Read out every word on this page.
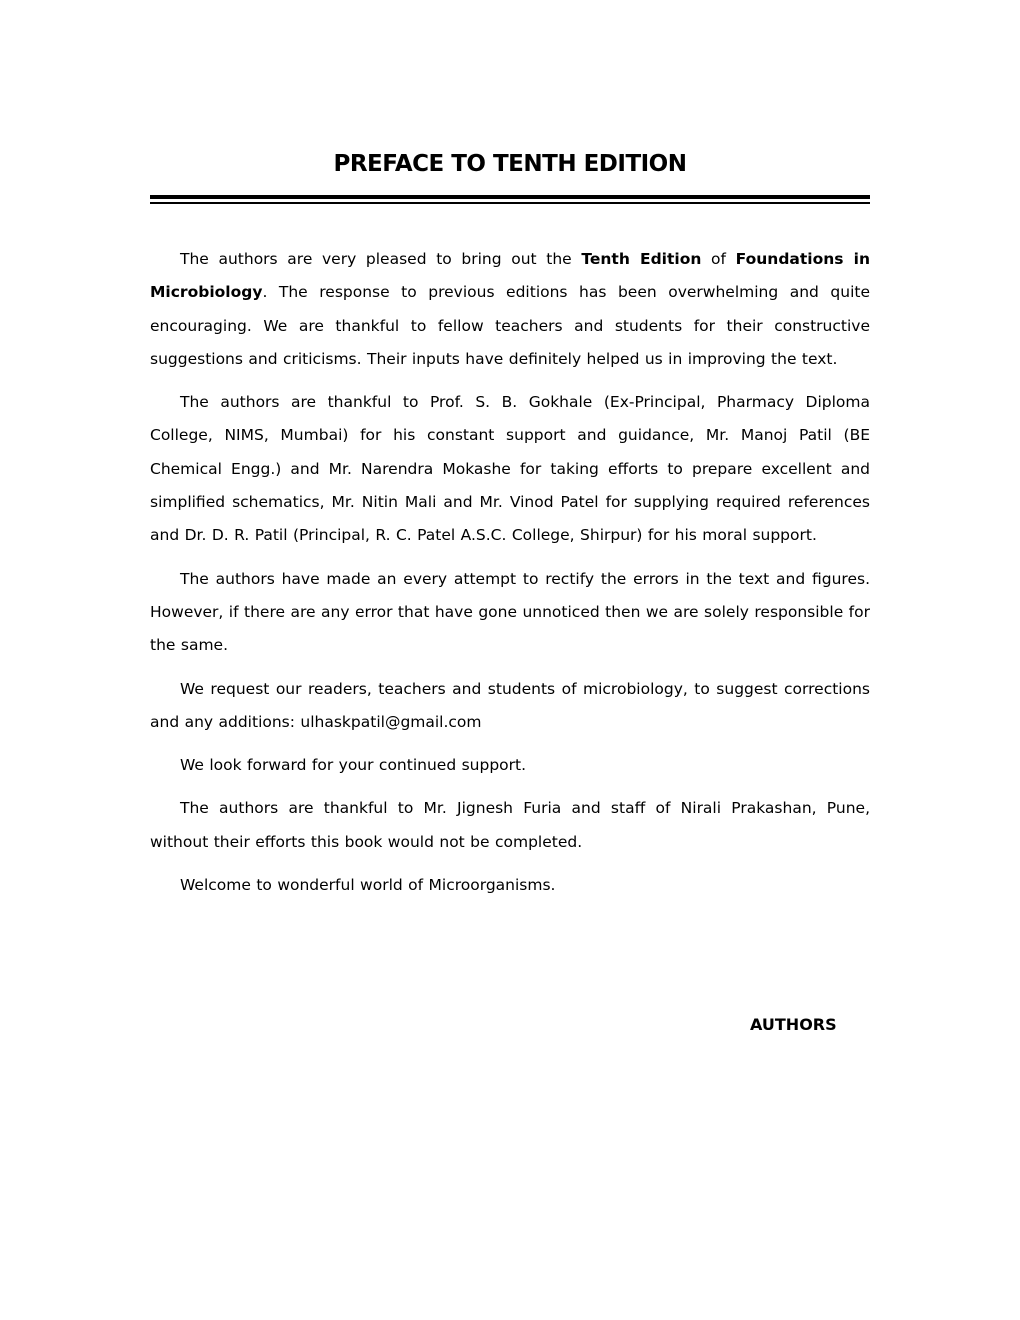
PREFACE TO TENTH EDITION

The authors are very pleased to bring out the Tenth Edition of Foundations in Microbiology. The response to previous editions has been overwhelming and quite encouraging. We are thankful to fellow teachers and students for their constructive suggestions and criticisms. Their inputs have definitely helped us in improving the text.

The authors are thankful to Prof. S. B. Gokhale (Ex-Principal, Pharmacy Diploma College, NIMS, Mumbai) for his constant support and guidance, Mr. Manoj Patil (BE Chemical Engg.) and Mr. Narendra Mokashe for taking efforts to prepare excellent and simplified schematics, Mr. Nitin Mali and Mr. Vinod Patel for supplying required references and Dr. D. R. Patil (Principal, R. C. Patel A.S.C. College, Shirpur) for his moral support.

The authors have made an every attempt to rectify the errors in the text and figures. However, if there are any error that have gone unnoticed then we are solely responsible for the same.

We request our readers, teachers and students of microbiology, to suggest corrections and any additions: ulhaskpatil@gmail.com

We look forward for your continued support.

The authors are thankful to Mr. Jignesh Furia and staff of Nirali Prakashan, Pune, without their efforts this book would not be completed.

Welcome to wonderful world of Microorganisms.

AUTHORS
